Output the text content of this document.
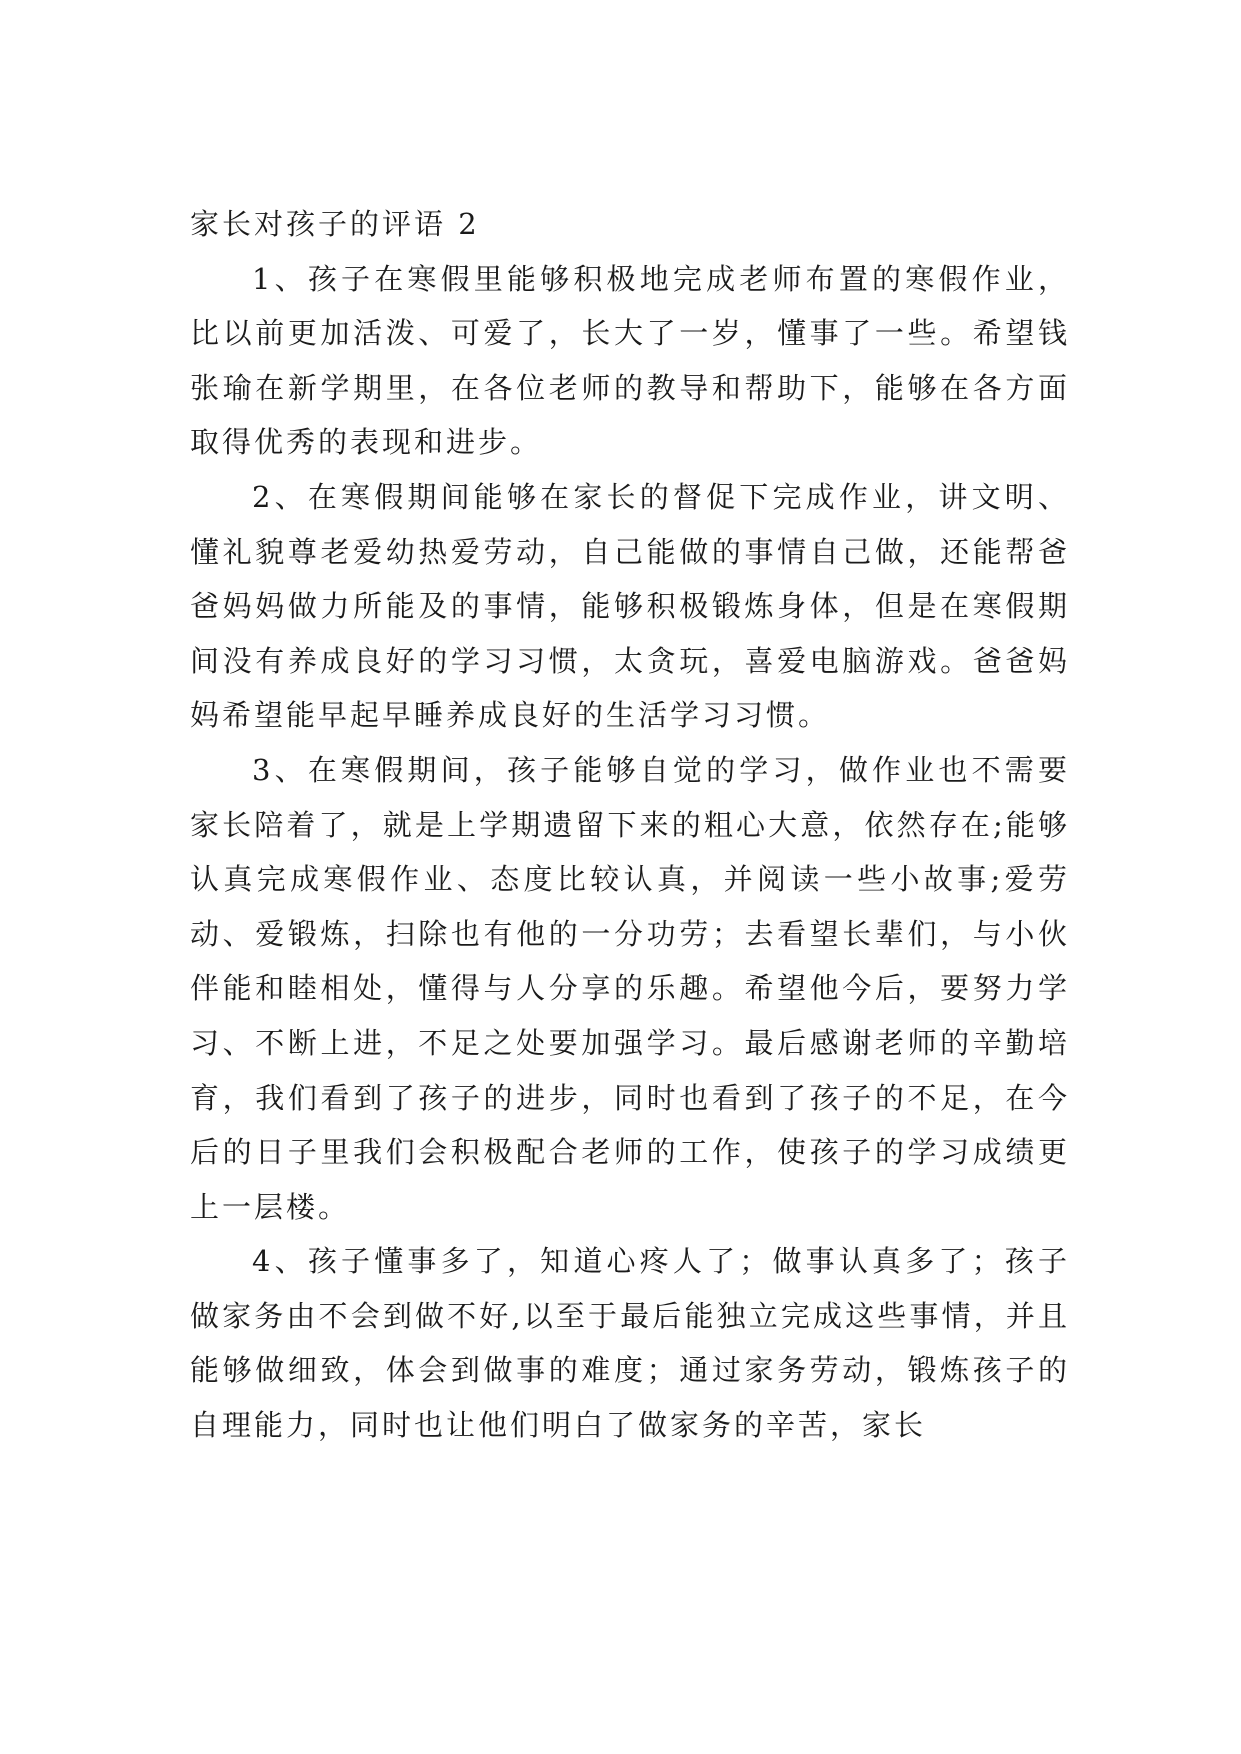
家长对孩子的评语 2

1、孩子在寒假里能够积极地完成老师布置的寒假作业，比以前更加活泼、可爱了，长大了一岁，懂事了一些。希望钱张瑜在新学期里，在各位老师的教导和帮助下，能够在各方面取得优秀的表现和进步。

2、在寒假期间能够在家长的督促下完成作业，讲文明、懂礼貌尊老爱幼热爱劳动，自己能做的事情自己做，还能帮爸爸妈妈做力所能及的事情，能够积极锻炼身体，但是在寒假期间没有养成良好的学习习惯，太贪玩，喜爱电脑游戏。爸爸妈妈希望能早起早睡养成良好的生活学习习惯。

3、在寒假期间，孩子能够自觉的学习，做作业也不需要家长陪着了，就是上学期遗留下来的粗心大意，依然存在;能够认真完成寒假作业、态度比较认真，并阅读一些小故事;爱劳动、爱锻炼，扫除也有他的一分功劳；去看望长辈们，与小伙伴能和睦相处，懂得与人分享的乐趣。希望他今后，要努力学习、不断上进，不足之处要加强学习。最后感谢老师的辛勤培育，我们看到了孩子的进步，同时也看到了孩子的不足，在今后的日子里我们会积极配合老师的工作，使孩子的学习成绩更上一层楼。

4、孩子懂事多了，知道心疼人了；做事认真多了；孩子做家务由不会到做不好,以至于最后能独立完成这些事情，并且能够做细致，体会到做事的难度；通过家务劳动，锻炼孩子的自理能力，同时也让他们明白了做家务的辛苦，家长
